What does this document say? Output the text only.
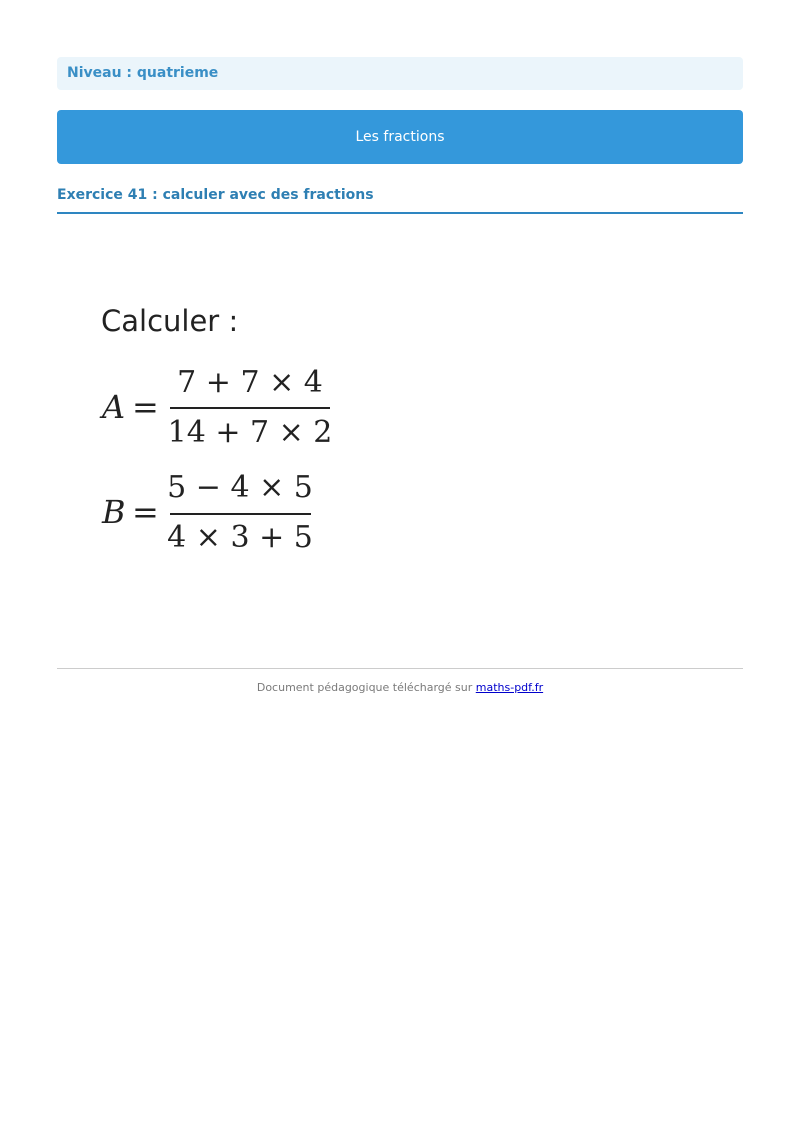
Niveau : quatrieme
Les fractions
Exercice 41 : calculer avec des fractions
Calculer :
A =
7 + 7 × 4
14 + 7 × 2
B =
5 − 4 × 5
4 × 3 + 5
Document pédagogique téléchargé sur maths-pdf.fr
